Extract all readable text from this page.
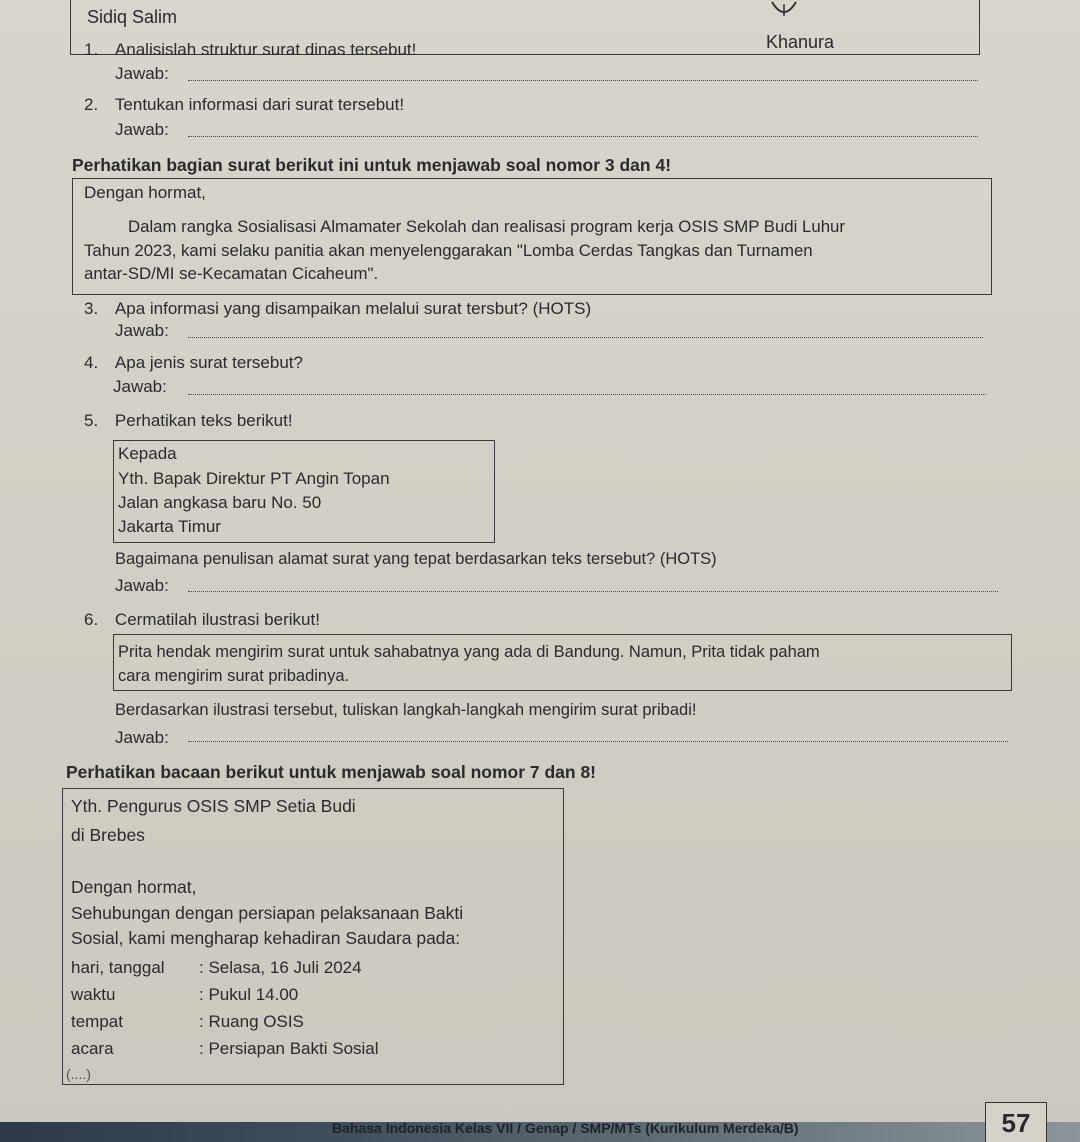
Sidiq Salim
Khanura
1. Analisislah struktur surat dinas tersebut!
Jawab:
2. Tentukan informasi dari surat tersebut!
Jawab:
Perhatikan bagian surat berikut ini untuk menjawab soal nomor 3 dan 4!
Dengan hormat,
Dalam rangka Sosialisasi Almamater Sekolah dan realisasi program kerja OSIS SMP Budi Luhur
Tahun 2023, kami selaku panitia akan menyelenggarakan "Lomba Cerdas Tangkas dan Turnamen
antar-SD/MI se-Kecamatan Cicaheum".
3. Apa informasi yang disampaikan melalui surat tersbut? (HOTS)
Jawab:
4. Apa jenis surat tersebut?
Jawab:
5. Perhatikan teks berikut!
Kepada
Yth. Bapak Direktur PT Angin Topan
Jalan angkasa baru No. 50
Jakarta Timur
Bagaimana penulisan alamat surat yang tepat berdasarkan teks tersebut? (HOTS)
Jawab:
6. Cermatilah ilustrasi berikut!
Prita hendak mengirim surat untuk sahabatnya yang ada di Bandung. Namun, Prita tidak paham
cara mengirim surat pribadinya.
Berdasarkan ilustrasi tersebut, tuliskan langkah-langkah mengirim surat pribadi!
Jawab:
Perhatikan bacaan berikut untuk menjawab soal nomor 7 dan 8!
Yth. Pengurus OSIS SMP Setia Budi
di Brebes
Dengan hormat,
Sehubungan dengan persiapan pelaksanaan Bakti
Sosial, kami mengharap kehadiran Saudara pada:
hari, tanggal : Selasa, 16 Juli 2024
waktu	: Pukul 14.00
tempat	: Ruang OSIS
acara	: Persiapan Bakti Sosial
(....)
Bahasa Indonesia Kelas VII / Genap / SMP/MTs (Kurikulum Merdeka/B)	57
